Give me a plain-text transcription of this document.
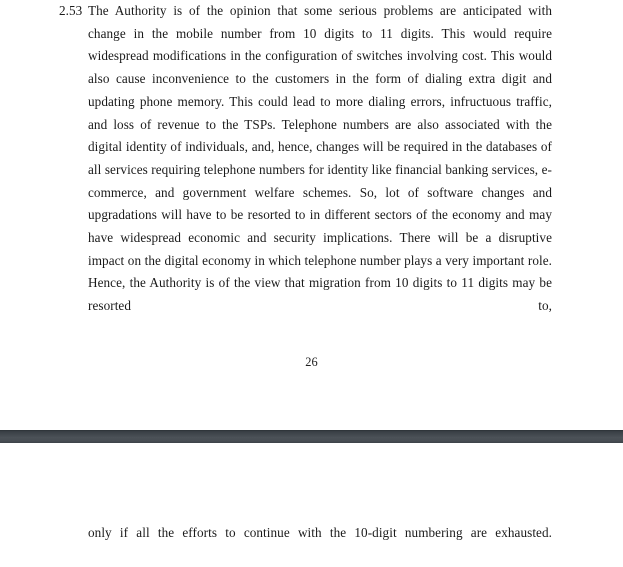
2.53 The Authority is of the opinion that some serious problems are anticipated with change in the mobile number from 10 digits to 11 digits. This would require widespread modifications in the configuration of switches involving cost. This would also cause inconvenience to the customers in the form of dialing extra digit and updating phone memory. This could lead to more dialing errors, infructuous traffic, and loss of revenue to the TSPs. Telephone numbers are also associated with the digital identity of individuals, and, hence, changes will be required in the databases of all services requiring telephone numbers for identity like financial banking services, e-commerce, and government welfare schemes. So, lot of software changes and upgradations will have to be resorted to in different sectors of the economy and may have widespread economic and security implications. There will be a disruptive impact on the digital economy in which telephone number plays a very important role. Hence, the Authority is of the view that migration from 10 digits to 11 digits may be resorted to,
26
only if all the efforts to continue with the 10-digit numbering are exhausted.
